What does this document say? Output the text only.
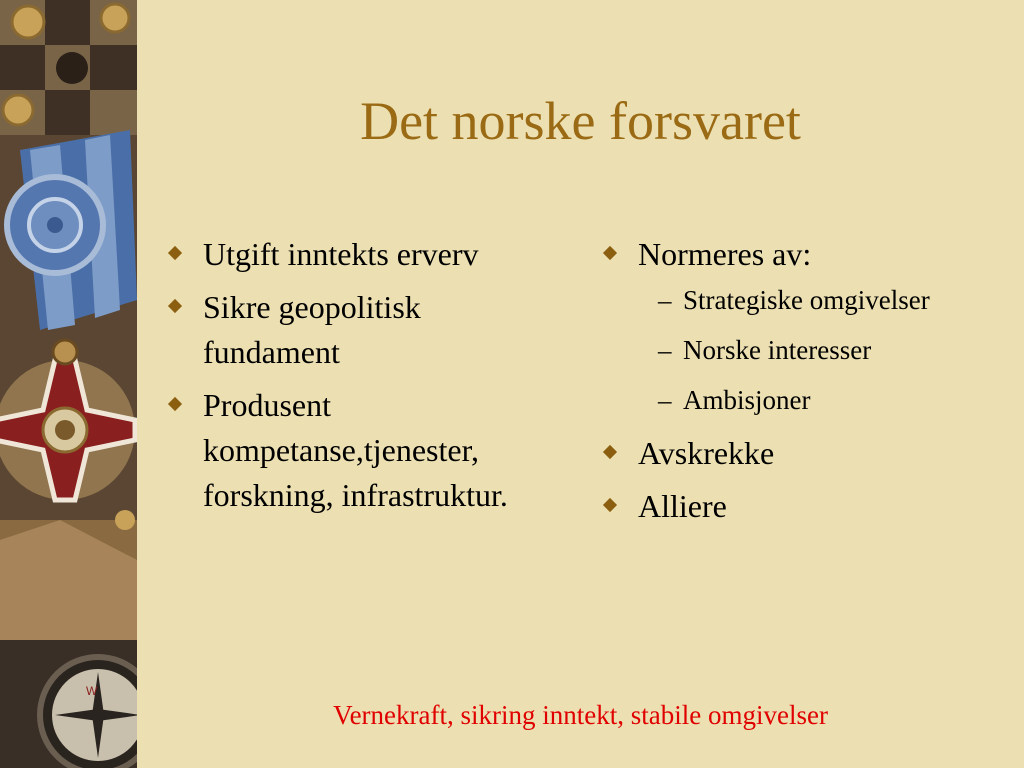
W
Det norske forsvaret
Utgift inntekts erverv
Sikre geopolitisk fundament
Produsent kompetanse,tjenester, forskning, infrastruktur.
Normeres av:
– Strategiske omgivelser
– Norske interesser
– Ambisjoner
Avskrekke
Alliere
Vernekraft, sikring inntekt, stabile omgivelser
